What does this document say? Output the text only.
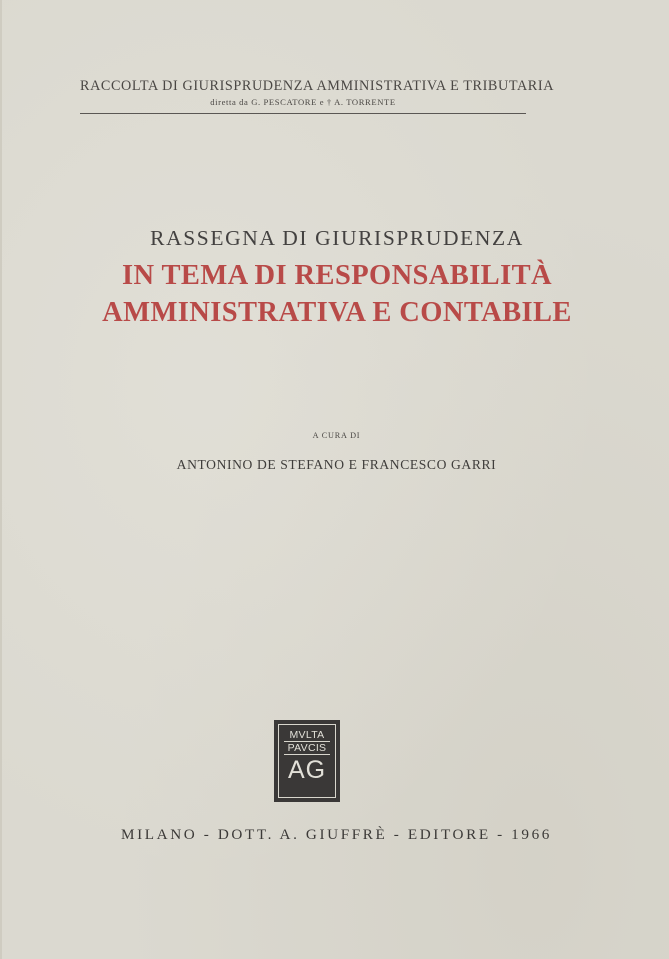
RACCOLTA DI GIURISPRUDENZA AMMINISTRATIVA E TRIBUTARIA
diretta da G. PESCATORE e † A. TORRENTE
RASSEGNA DI GIURISPRUDENZA
IN TEMA DI RESPONSABILITÀ
AMMINISTRATIVA E CONTABILE
A CURA DI
ANTONINO DE STEFANO E FRANCESCO GARRI
MVLTA
PAVCIS
AG
MILANO - DOTT. A. GIUFFRÈ - EDITORE - 1966
